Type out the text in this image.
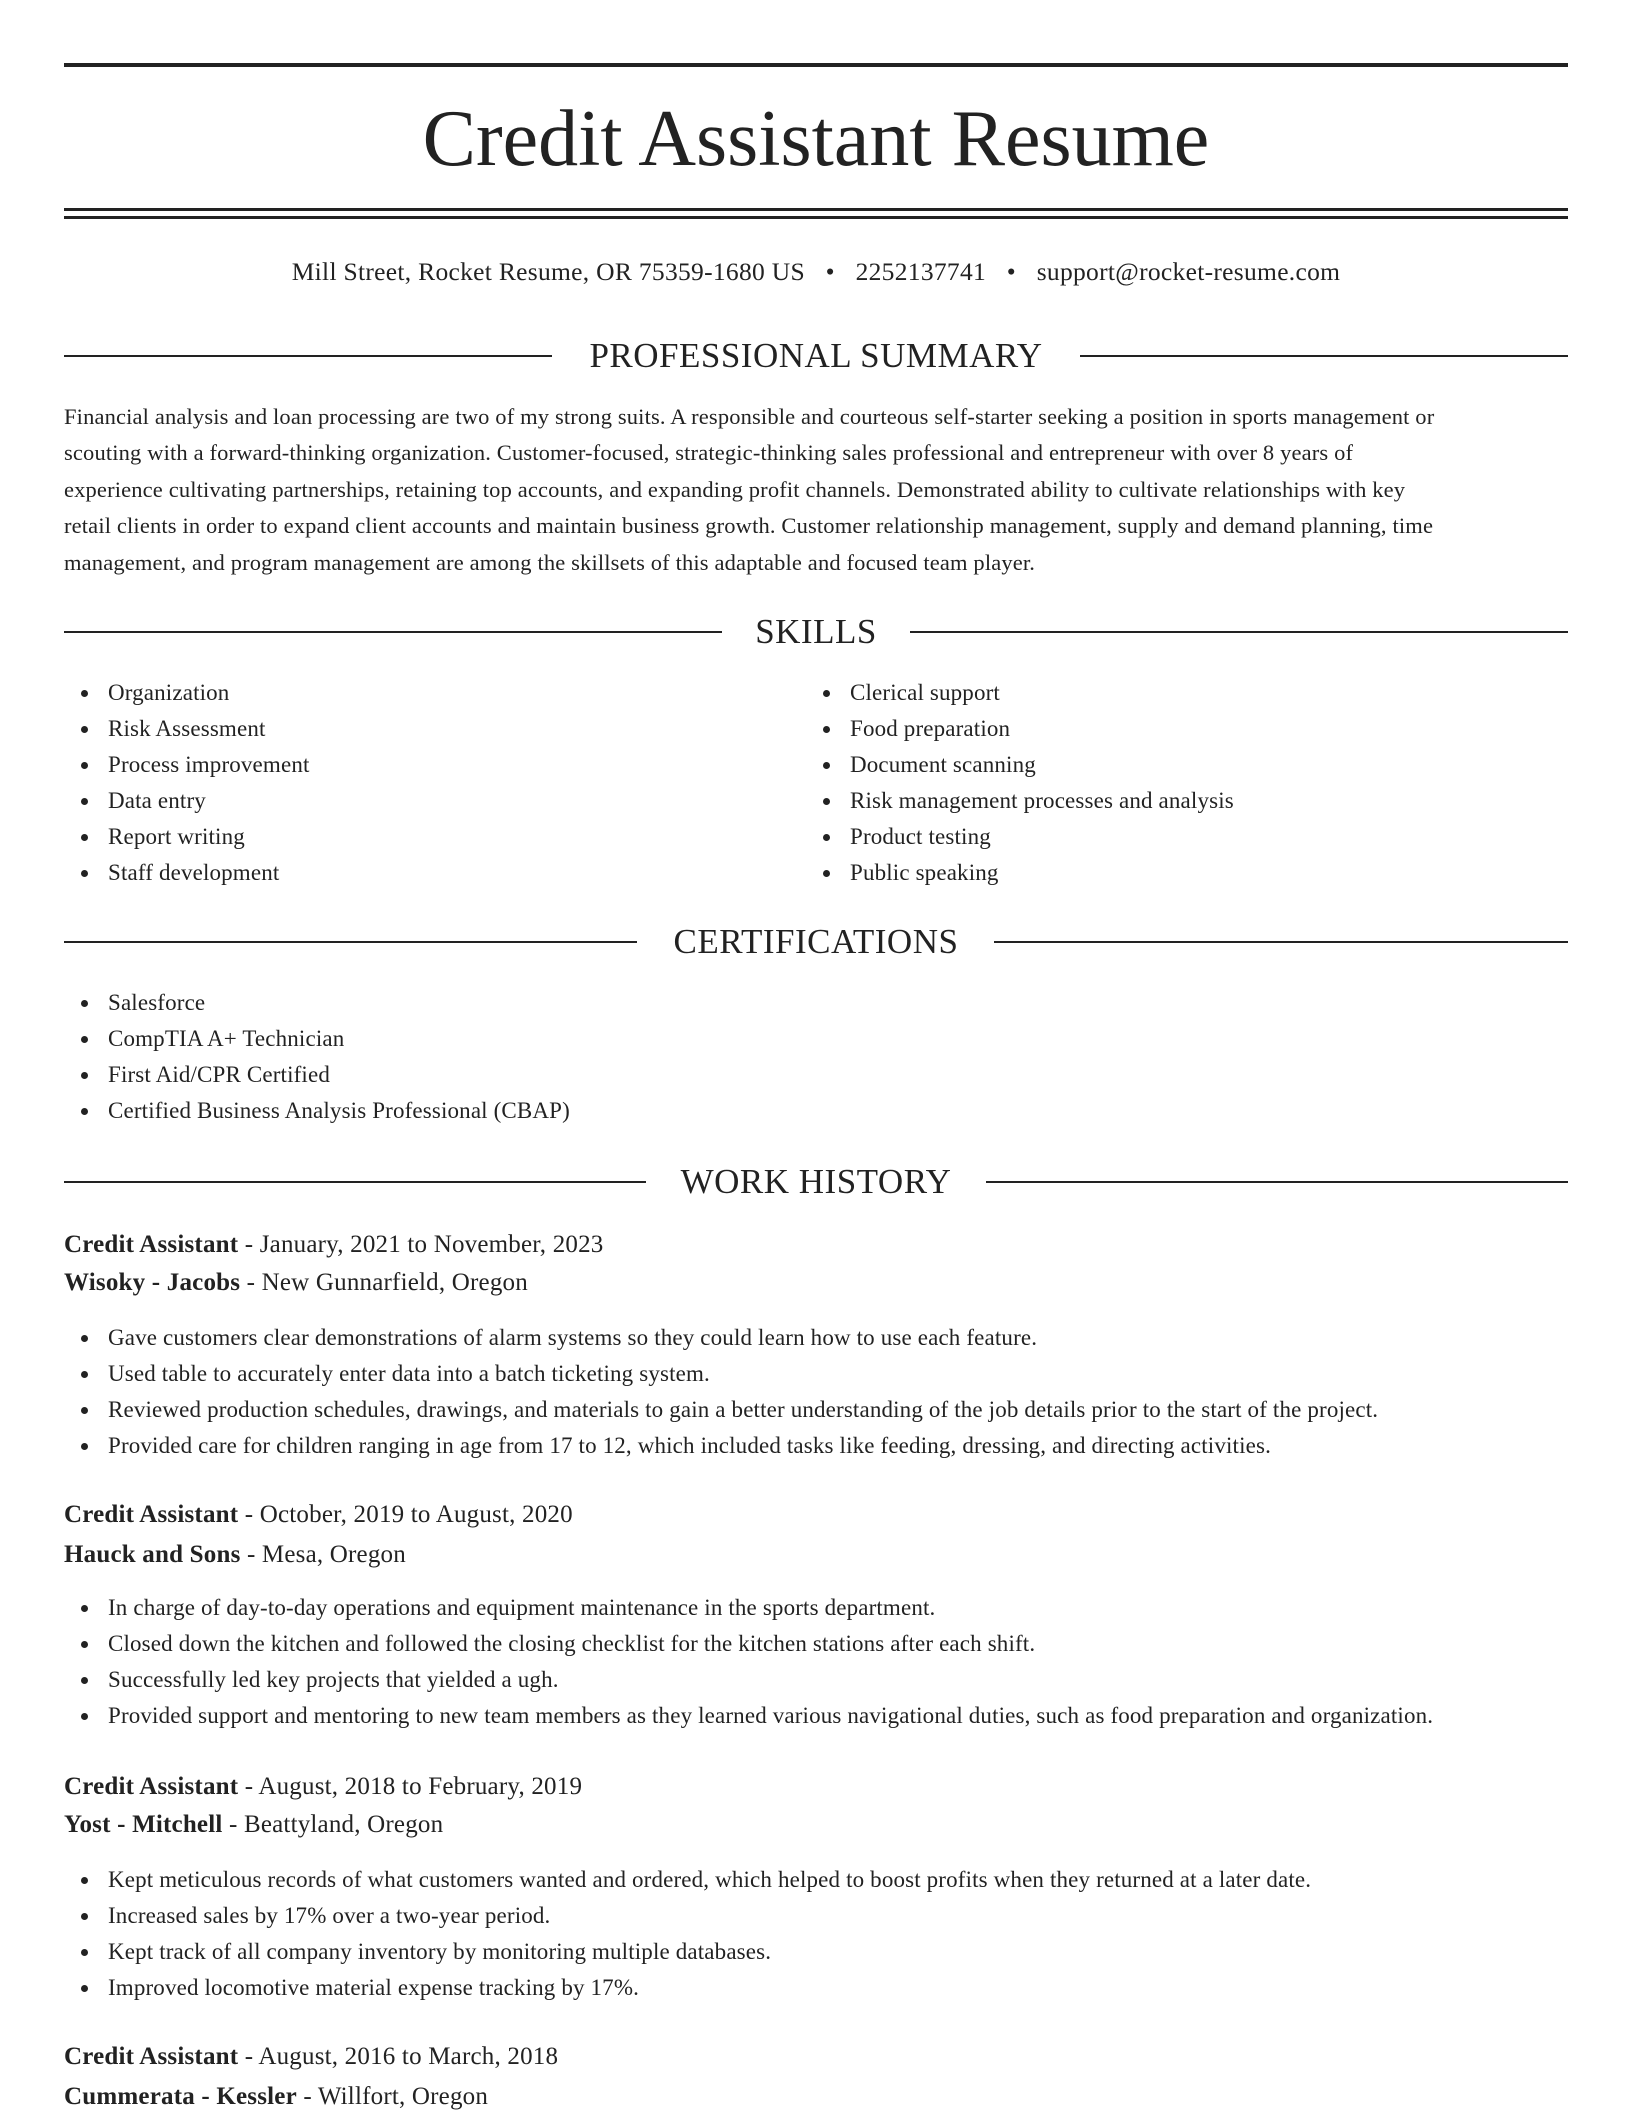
Credit Assistant Resume
Mill Street, Rocket Resume, OR 75359-1680 US • 2252137741 • support@rocket-resume.com
PROFESSIONAL SUMMARY
Financial analysis and loan processing are two of my strong suits. A responsible and courteous self-starter seeking a position in sports management or
scouting with a forward-thinking organization. Customer-focused, strategic-thinking sales professional and entrepreneur with over 8 years of
experience cultivating partnerships, retaining top accounts, and expanding profit channels. Demonstrated ability to cultivate relationships with key
retail clients in order to expand client accounts and maintain business growth. Customer relationship management, supply and demand planning, time
management, and program management are among the skillsets of this adaptable and focused team player.
SKILLS
Organization
Risk Assessment
Process improvement
Data entry
Report writing
Staff development
Clerical support
Food preparation
Document scanning
Risk management processes and analysis
Product testing
Public speaking
CERTIFICATIONS
Salesforce
CompTIA A+ Technician
First Aid/CPR Certified
Certified Business Analysis Professional (CBAP)
WORK HISTORY
Credit Assistant - January, 2021 to November, 2023
Wisoky - Jacobs - New Gunnarfield, Oregon
Gave customers clear demonstrations of alarm systems so they could learn how to use each feature.
Used table to accurately enter data into a batch ticketing system.
Reviewed production schedules, drawings, and materials to gain a better understanding of the job details prior to the start of the project.
Provided care for children ranging in age from 17 to 12, which included tasks like feeding, dressing, and directing activities.
Credit Assistant - October, 2019 to August, 2020
Hauck and Sons - Mesa, Oregon
In charge of day-to-day operations and equipment maintenance in the sports department.
Closed down the kitchen and followed the closing checklist for the kitchen stations after each shift.
Successfully led key projects that yielded a ugh.
Provided support and mentoring to new team members as they learned various navigational duties, such as food preparation and organization.
Credit Assistant - August, 2018 to February, 2019
Yost - Mitchell - Beattyland, Oregon
Kept meticulous records of what customers wanted and ordered, which helped to boost profits when they returned at a later date.
Increased sales by 17% over a two-year period.
Kept track of all company inventory by monitoring multiple databases.
Improved locomotive material expense tracking by 17%.
Credit Assistant - August, 2016 to March, 2018
Cummerata - Kessler - Willfort, Oregon
